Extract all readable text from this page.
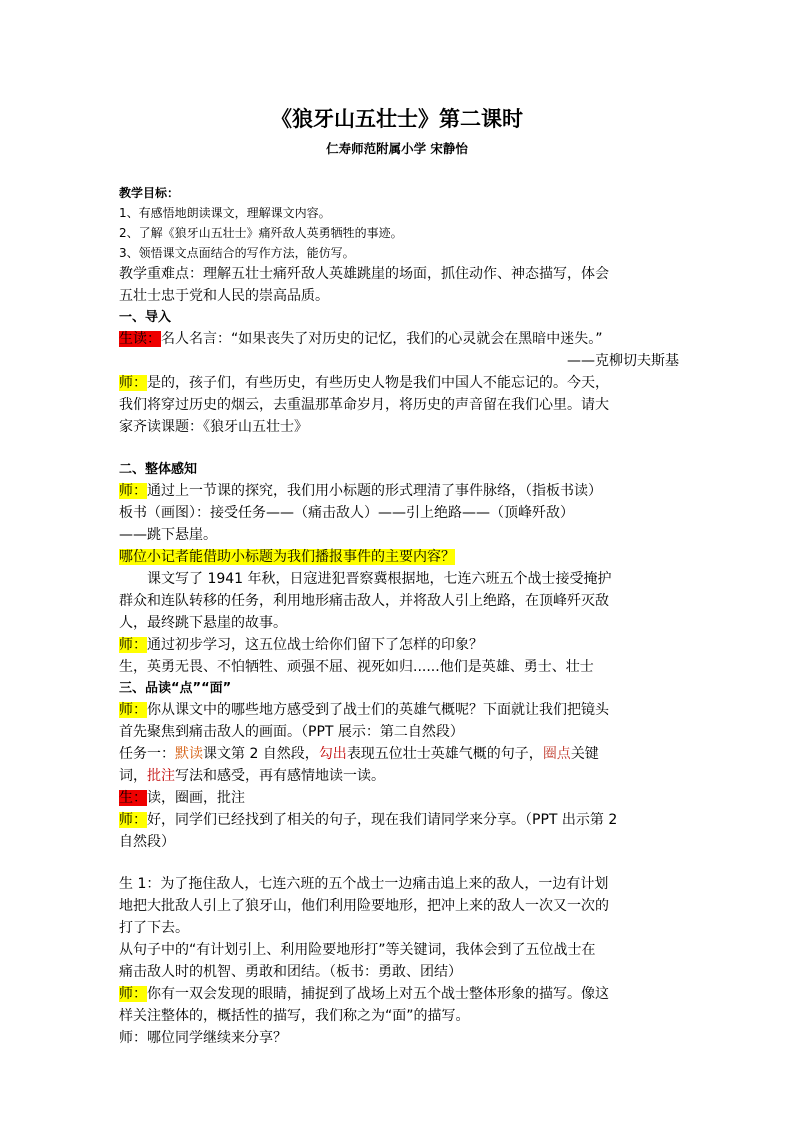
《狼牙山五壮士》第二课时
仁寿师范附属小学 宋静怡
教学目标：
1、有感悟地朗读课文，理解课文内容。
2、了解《狼牙山五壮士》痛歼敌人英勇牺牲的事迹。
3、领悟课文点面结合的写作方法，能仿写。
教学重难点：理解五壮士痛歼敌人英雄跳崖的场面，抓住动作、神态描写，体会
五壮士忠于党和人民的崇高品质。
一、导入
生读：名人名言：“如果丧失了对历史的记忆，我们的心灵就会在黑暗中迷失。”
——克柳切夫斯基
师：是的，孩子们，有些历史，有些历史人物是我们中国人不能忘记的。今天，
我们将穿过历史的烟云，去重温那革命岁月，将历史的声音留在我们心里。请大
家齐读课题：《狼牙山五壮士》
二、整体感知
师：通过上一节课的探究，我们用小标题的形式理清了事件脉络，（指板书读）
板书（画图）：接受任务——（痛击敌人）——引上绝路——（顶峰歼敌）
——跳下悬崖。
哪位小记者能借助小标题为我们播报事件的主要内容？
　　课文写了 1941 年秋，日寇进犯晋察冀根据地，七连六班五个战士接受掩护
群众和连队转移的任务，利用地形痛击敌人，并将敌人引上绝路，在顶峰歼灭敌
人，最终跳下悬崖的故事。
师：通过初步学习，这五位战士给你们留下了怎样的印象？
生，英勇无畏、不怕牺牲、顽强不屈、视死如归......他们是英雄、勇士、壮士
三、品读“点”“面”
师：你从课文中的哪些地方感受到了战士们的英雄气概呢？下面就让我们把镜头
首先聚焦到痛击敌人的画面。（PPT 展示：第二自然段）
任务一：默读课文第 2 自然段，勾出表现五位壮士英雄气概的句子，圈点关键
词，批注写法和感受，再有感情地读一读。
生：读，圈画，批注
师：好，同学们已经找到了相关的句子，现在我们请同学来分享。（PPT 出示第 2
自然段）
生 1：为了拖住敌人，七连六班的五个战士一边痛击追上来的敌人，一边有计划
地把大批敌人引上了狼牙山，他们利用险要地形，把冲上来的敌人一次又一次的
打了下去。
从句子中的“有计划引上、利用险要地形打”等关键词，我体会到了五位战士在
痛击敌人时的机智、勇敢和团结。（板书：勇敢、团结）
师：你有一双会发现的眼睛，捕捉到了战场上对五个战士整体形象的描写。像这
样关注整体的，概括性的描写，我们称之为“面”的描写。
师：哪位同学继续来分享？
